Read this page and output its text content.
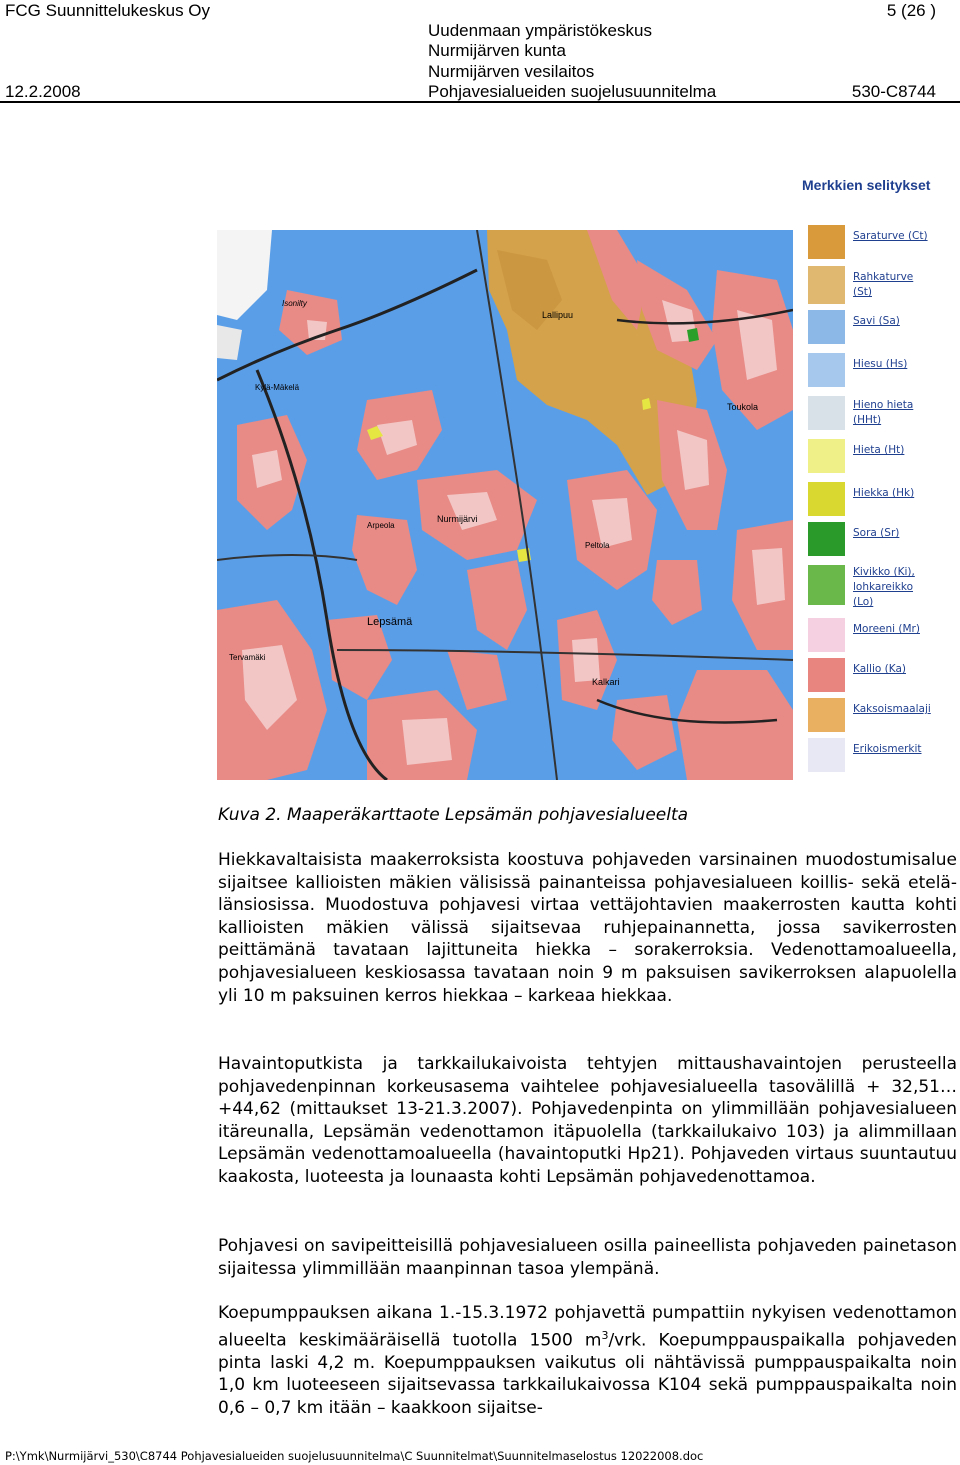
FCG Suunnittelukeskus Oy	5 (26 )
Uudenmaan ympäristökeskus
Nurmijärven kunta
Nurmijärven vesilaitos
12.2.2008	Pohjavesialueiden suojelusuunnitelma	530-C8744
Lepsämä
Nurmijärvi
Lallipuu
Toukola
Kylä-Mäkelä
Isonilty
Arpeola
Kalkari
Tervamäki
Peltola
Merkkien selitykset
Saraturve (Ct)
Rahkaturve (St)
Savi (Sa)
Hiesu (Hs)
Hieno hieta (HHt)
Hieta (Ht)
Hiekka (Hk)
Sora (Sr)
Kivikko (Ki), lohkareikko (Lo)
Moreeni (Mr)
Kallio (Ka)
Kaksoismaalaji
Erikoismerkit
Kuva 2. Maaperäkarttaote Lepsämän pohjavesialueelta

Hiekkavaltaisista maakerroksista koostuva pohjaveden varsinainen muodostumisalue sijaitsee kallioisten mäkien välisissä painanteissa pohjavesialueen koillis- sekä etelä-länsiosissa. Muodostuva pohjavesi virtaa vettäjohtavien maakerrosten kautta kohti kallioisten mäkien välissä sijaitsevaa ruhjepainannetta, jossa savikerrosten peittämänä tavataan lajittuneita hiekka – sorakerroksia. Vedenottamoalueella, pohjavesialueen keskiosassa tavataan noin 9 m paksuisen savikerroksen alapuolella yli 10 m paksuinen kerros hiekkaa – karkeaa hiekkaa.

Havaintoputkista ja tarkkailukaivoista tehtyjen mittaushavaintojen perusteella pohjavedenpinnan korkeusasema vaihtelee pohjavesialueella tasovälillä + 32,51…+44,62 (mittaukset 13-21.3.2007). Pohjavedenpinta on ylimmillään pohjavesialueen itäreunalla, Lepsämän vedenottamon itäpuolella (tarkkailukaivo 103) ja alimmillaan Lepsämän vedenottamoalueella (havaintoputki Hp21). Pohjaveden virtaus suuntautuu kaakosta, luoteesta ja lounaasta kohti Lepsämän pohjavedenottamoa.

Pohjavesi on savipeitteisillä pohjavesialueen osilla paineellista pohjaveden painetason sijaitessa ylimmillään maanpinnan tasoa ylempänä.

Koepumppauksen aikana 1.-15.3.1972 pohjavettä pumpattiin nykyisen vedenottamon alueelta keskimääräisellä tuotolla 1500 $m^3$/vrk. Koepumppauspaikalla pohjaveden pinta laski 4,2 m. Koepumppauksen vaikutus oli nähtävissä pumppauspaikalta noin 1,0 km luoteeseen sijaitsevassa tarkkailukaivossa K104 sekä pumppauspaikalta noin 0,6 – 0,7 km itään – kaakkoon sijaitse-

P:\Ymk\Nurmijärvi_530\C8744 Pohjavesialueiden suojelusuunnitelma\C Suunnitelmat\Suunnitelmaselostus 12022008.doc
